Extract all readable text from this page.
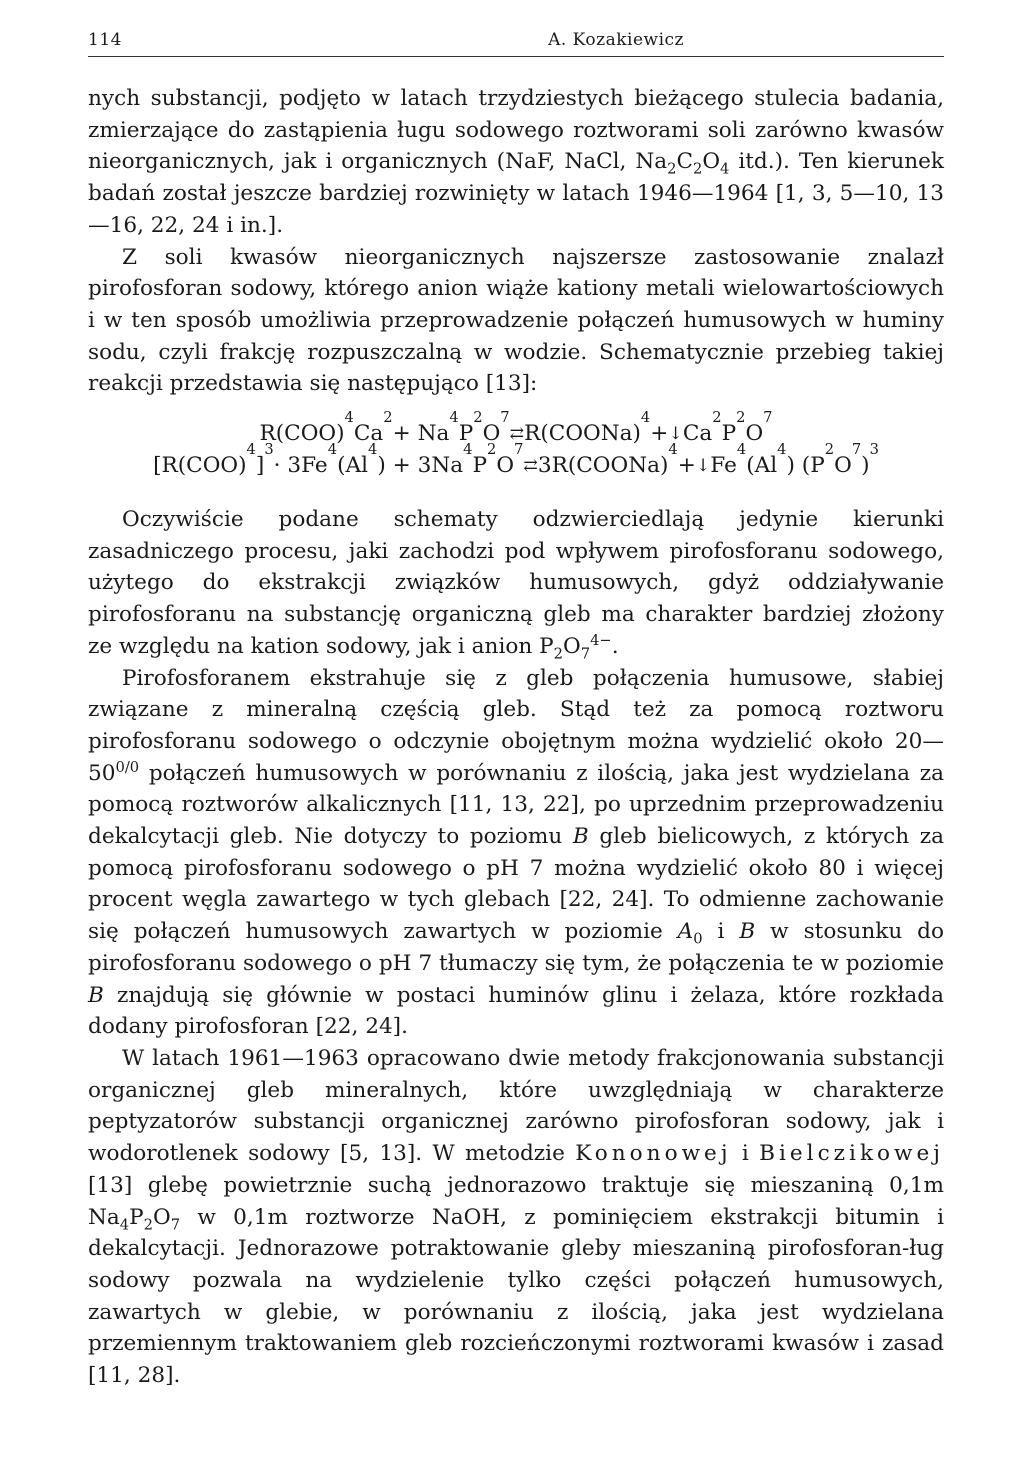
114	A. Kozakiewicz

nych substancji, podjęto w latach trzydziestych bieżącego stulecia badania, zmierzające do zastąpienia ługu sodowego roztworami soli zarówno kwasów nieorganicznych, jak i organicznych (NaF, NaCl, $Na_2C_2O_4$ itd.). Ten kierunek badań został jeszcze bardziej rozwinięty w latach 1946—1964 [1, 3, 5—10, 13—16, 22, 24 i in.].

Z soli kwasów nieorganicznych najszersze zastosowanie znalazł pirofosforan sodowy, którego anion wiąże kationy metali wielowartościowych i w ten sposób umożliwia przeprowadzenie połączeń humusowych w huminy sodu, czyli frakcję rozpuszczalną w wodzie. Schematycznie przebieg takiej reakcji przedstawia się następująco [13]:

R(COO)
4
Ca
2
+ Na
4
P
2
O
7
⇄ R(COONa)
4
+ ↓ Ca
2
P
2
O
7
[R(COO)
4
]
3
· 3Fe
4
(Al
4
) + 3Na
4
P
2
O
7
⇄ 3R(COONa)
4
+ ↓ Fe
4
(Al
4
) (P
2
O
7
)
3

Oczywiście podane schematy odzwierciedlają jedynie kierunki zasadniczego procesu, jaki zachodzi pod wpływem pirofosforanu sodowego, użytego do ekstrakcji związków humusowych, gdyż oddziaływanie pirofosforanu na substancję organiczną gleb ma charakter bardziej złożony ze względu na kation sodowy, jak i anion $P_2O_7^{4-}$.

Pirofosforanem ekstrahuje się z gleb połączenia humusowe, słabiej związane z mineralną częścią gleb. Stąd też za pomocą roztworu pirofosforanu sodowego o odczynie obojętnym można wydzielić około $20—50^{0/0}$ połączeń humusowych w porównaniu z ilością, jaka jest wydzielana za pomocą roztworów alkalicznych [11, 13, 22], po uprzednim przeprowadzeniu dekalcytacji gleb. Nie dotyczy to poziomu B gleb bielicowych, z których za pomocą pirofosforanu sodowego o pH 7 można wydzielić około 80 i więcej procent węgla zawartego w tych glebach [22, 24]. To odmienne zachowanie się połączeń humusowych zawartych w poziomie $A_0$ i B w stosunku do pirofosforanu sodowego o pH 7 tłumaczy się tym, że połączenia te w poziomie B znajdują się głównie w postaci huminów glinu i żelaza, które rozkłada dodany pirofosforan [22, 24].

W latach 1961—1963 opracowano dwie metody frakcjonowania substancji organicznej gleb mineralnych, które uwzględniają w charakterze peptyzatorów substancji organicznej zarówno pirofosforan sodowy, jak i wodorotlenek sodowy [5, 13]. W metodzie Kononowej i Bielczikowej [13] glebę powietrznie suchą jednorazowo traktuje się mieszaniną 0,1m $Na_4P_2O_7$ w 0,1m roztworze NaOH, z pominięciem ekstrakcji bitumin i dekalcytacji. Jednorazowe potraktowanie gleby mieszaniną pirofosforan-ług sodowy pozwala na wydzielenie tylko części połączeń humusowych, zawartych w glebie, w porównaniu z ilością, jaka jest wydzielana przemiennym traktowaniem gleb rozcieńczonymi roztworami kwasów i zasad [11, 28].
